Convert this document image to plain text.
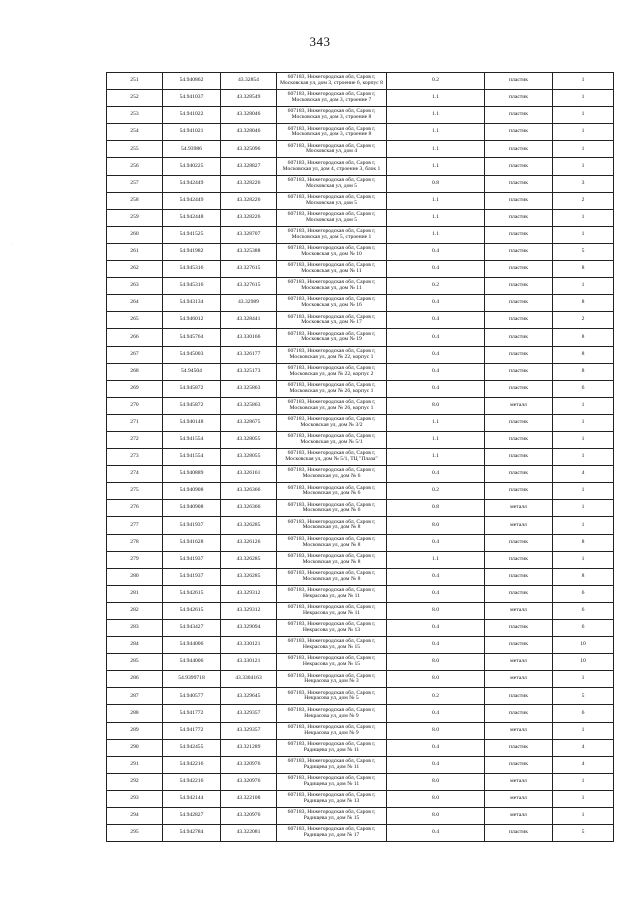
343
·
251	54.940862	43.32854	607183, Нижегородская обл, Саров г, Московская ул, дом 3, строение 6, корпус 8	0.2	пластик	1
252	54.941037	43.328549	607183, Нижегородская обл, Саров г, Московская ул, дом 3, строение 7	1.1	пластик	1
253	54.941022	43.328046	607183, Нижегородская обл, Саров г, Московская ул, дом 3, строение 8	1.1	пластик	1
254	54.941021	43.328046	607183, Нижегородская обл, Саров г, Московская ул, дом 3, строение 8	1.1	пластик	1
255	54.93986	43.325096	607183, Нижегородская обл, Саров г, Московская ул, дом 4	1.1	пластик	1
256	54.940225	43.328827	607183, Нижегородская обл, Саров г, Московская ул, дом 4, строение 3, блок 1	1.1	пластик	1
257	54.942449	43.328226	607183, Нижегородская обл, Саров г, Московская ул, дом 5	0.8	пластик	3
258	54.942449	43.328226	607183, Нижегородская обл, Саров г, Московская ул, дом 5	1.1	пластик	2
259	54.942448	43.328226	607183, Нижегородская обл, Саров г, Московская ул, дом 5	1.1	пластик	1
260	54.941525	43.328707	607183, Нижегородская обл, Саров г, Московская ул, дом 5, строение 1	1.1	пластик	1
261	54.941982	43.325388	607183, Нижегородская обл, Саров г, Московская ул, дом № 10	0.4	пластик	5
262	54.945316	43.327615	607183, Нижегородская обл, Саров г, Московская ул, дом № 11	0.4	пластик	8
263	54.945316	43.327615	607183, Нижегородская обл, Саров г, Московская ул, дом № 11	0.2	пластик	1
264	54.943134	43.32989	607183, Нижегородская обл, Саров г, Московская ул, дом № 16	0.4	пластик	8
265	54.946012	43.328441	607183, Нижегородская обл, Саров г, Московская ул, дом № 17	0.4	пластик	2
266	54.945764	43.330166	607183, Нижегородская обл, Саров г, Московская ул, дом № 19	0.4	пластик	8
267	54.945003	43.326177	607183, Нижегородская обл, Саров г, Московская ул, дом № 22, корпус 1	0.4	пластик	8
268	54.94504	43.325173	607183, Нижегородская обл, Саров г, Московская ул, дом № 22, корпус 2	0.4	пластик	8
269	54.945872	43.325863	607183, Нижегородская обл, Саров г, Московская ул, дом № 26, корпус 1	0.4	пластик	6
270	54.945872	43.325863	607183, Нижегородская обл, Саров г, Московская ул, дом № 26, корпус 1	8.0	металл	1
271	54.940148	43.328675	607183, Нижегородская обл, Саров г, Московская ул, дом № 3/2	1.1	пластик	1
272	54.941554	43.328055	607183, Нижегородская обл, Саров г, Московская ул, дом № 5/1	1.1	пластик	1
273	54.941554	43.328055	607183, Нижегородская обл, Саров г, Московская ул, дом № 5/1, ТЦ "Плаза"	1.1	пластик	1
274	54.940889	43.326161	607183, Нижегородская обл, Саров г, Московская ул, дом № 6	0.4	пластик	4
275	54.940908	43.326366	607183, Нижегородская обл, Саров г, Московская ул, дом № 6	0.2	пластик	1
276	54.940908	43.326366	607183, Нижегородская обл, Саров г, Московская ул, дом № 6	0.8	металл	1
277	54.941937	43.326285	607183, Нижегородская обл, Саров г, Московская ул, дом № 8	8.0	металл	1
278	54.941628	43.326126	607183, Нижегородская обл, Саров г, Московская ул, дом № 8	0.4	пластик	8
279	54.941937	43.326285	607183, Нижегородская обл, Саров г, Московская ул, дом № 8	1.1	пластик	1
280	54.941937	43.326285	607183, Нижегородская обл, Саров г, Московская ул, дом № 8	0.4	пластик	8
281	54.942615	43.329312	607183, Нижегородская обл, Саров г, Некрасова ул, дом № 11	0.4	пластик	6
282	54.942615	43.329312	607183, Нижегородская обл, Саров г, Некрасова ул, дом № 11	8.0	металл	6
283	54.943427	43.329094	607183, Нижегородская обл, Саров г, Некрасова ул, дом № 13	0.4	пластик	6
284	54.944006	43.330121	607183, Нижегородская обл, Саров г, Некрасова ул, дом № 15	0.4	пластик	10
285	54.944006	43.330121	607183, Нижегородская обл, Саров г, Некрасова ул, дом № 15	8.0	металл	10
286	54.9399718	43.3304163	607183, Нижегородская обл, Саров г, Некрасова ул, дом № 3	8.0	металл	1
287	54.940577	43.329645	607183, Нижегородская обл, Саров г, Некрасова ул, дом № 5	0.2	пластик	5
288	54.941772	43.329357	607183, Нижегородская обл, Саров г, Некрасова ул, дом № 9	0.4	пластик	6
289	54.941772	43.329357	607183, Нижегородская обл, Саров г, Некрасова ул, дом № 9	8.0	металл	1
290	54.942455	43.321289	607183, Нижегородская обл, Саров г, Радищева ул, дом № 11	0.4	пластик	4
291	54.942216	43.320976	607183, Нижегородская обл, Саров г, Радищева ул, дом № 11	0.4	пластик	4
292	54.942216	43.320976	607183, Нижегородская обл, Саров г, Радищева ул, дом № 11	8.0	металл	1
293	54.942144	43.322108	607183, Нижегородская обл, Саров г, Радищева ул, дом № 13	8.0	металл	1
294	54.942827	43.320976	607183, Нижегородская обл, Саров г, Радищева ул, дом № 15	8.0	металл	1
295	54.942784	43.322081	607183, Нижегородская обл, Саров г, Радищева ул, дом № 17	0.4	пластик	5
